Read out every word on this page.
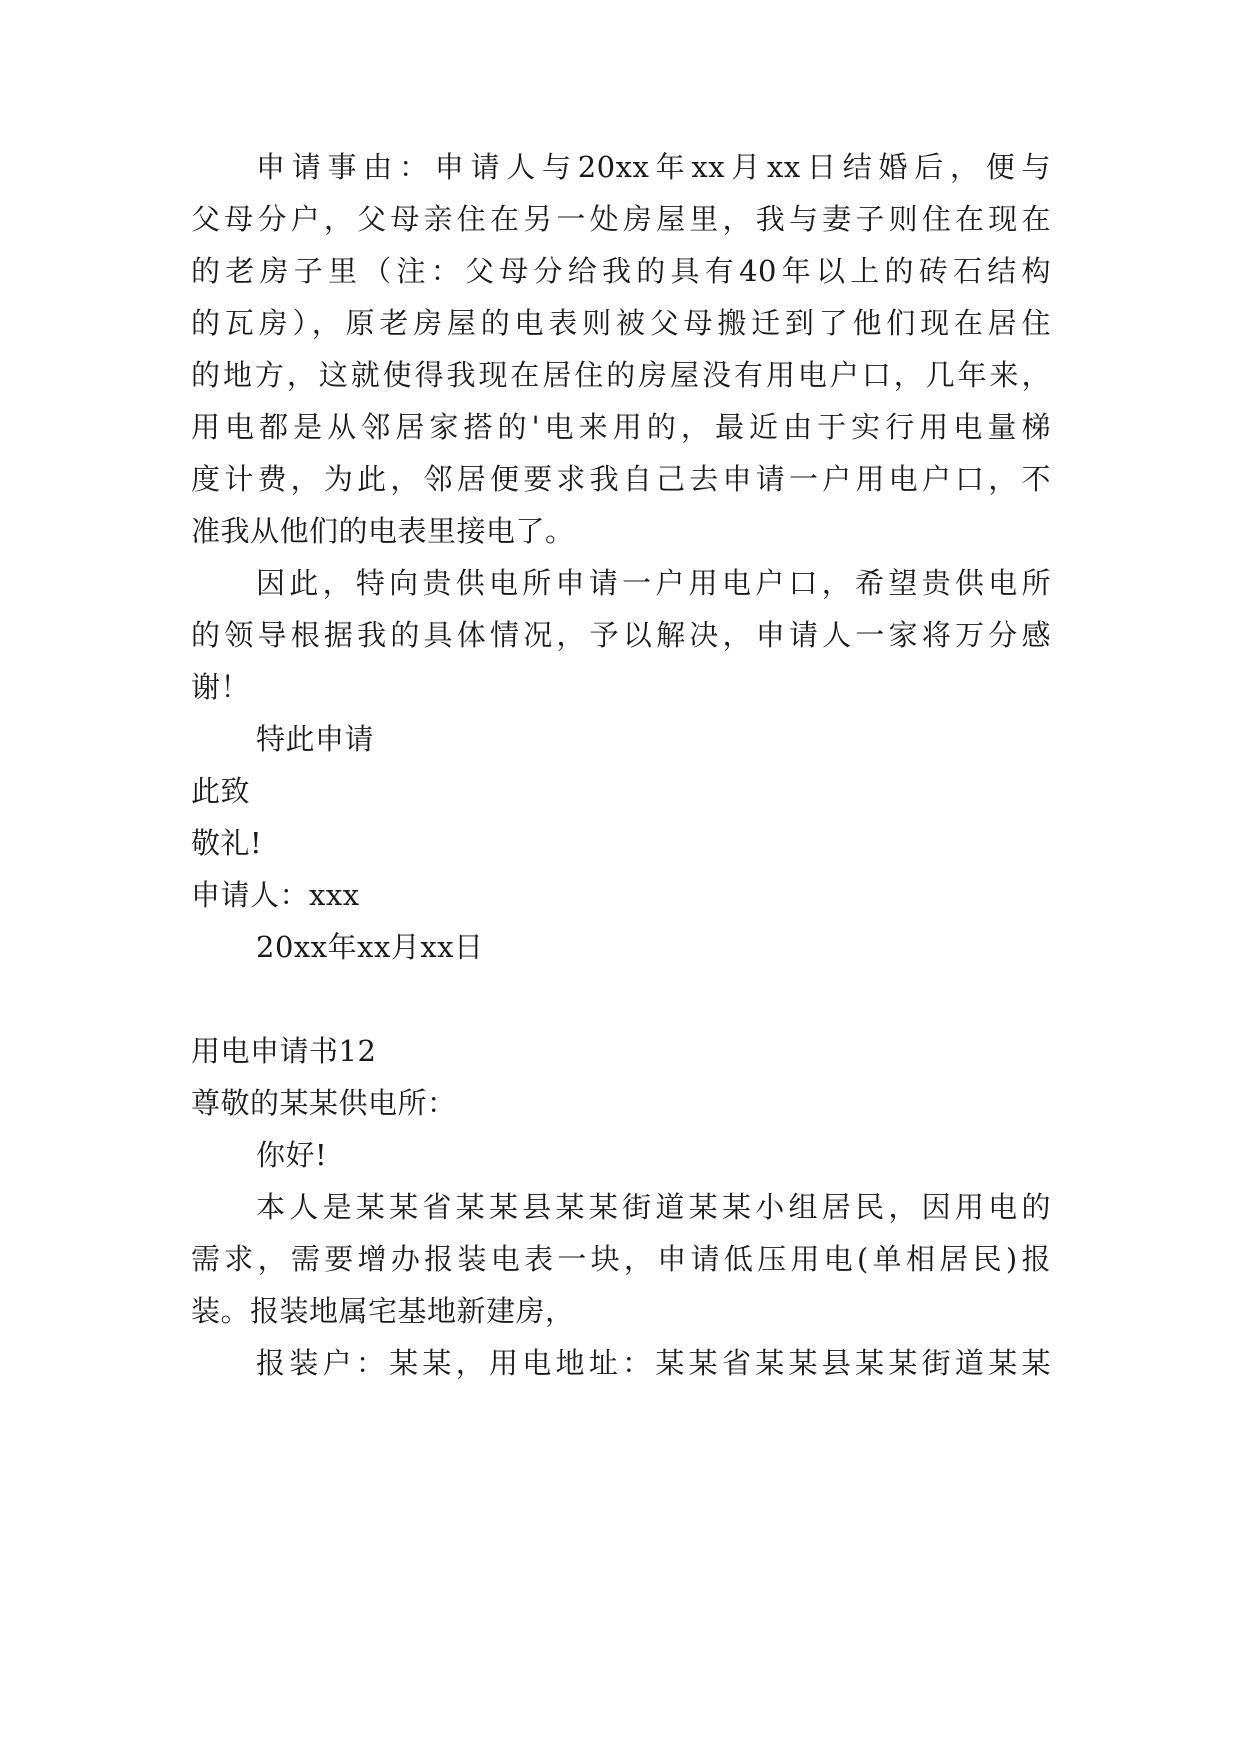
申请事由：申请人与20xx年xx月xx日结婚后，便与
父母分户，父母亲住在另一处房屋里，我与妻子则住在现在
的老房子里（注：父母分给我的具有40年以上的砖石结构
的瓦房），原老房屋的电表则被父母搬迁到了他们现在居住
的地方，这就使得我现在居住的房屋没有用电户口，几年来，
用电都是从邻居家搭的'电来用的，最近由于实行用电量梯
度计费，为此，邻居便要求我自己去申请一户用电户口，不
准我从他们的电表里接电了。
因此，特向贵供电所申请一户用电户口，希望贵供电所
的领导根据我的具体情况，予以解决，申请人一家将万分感
谢！
特此申请
此致
敬礼!
申请人：xxx
20xx年xx月xx日
用电申请书12
尊敬的某某供电所：
你好!
本人是某某省某某县某某街道某某小组居民，因用电的
需求，需要增办报装电表一块，申请低压用电(单相居民)报
装。报装地属宅基地新建房，
报装户：某某，用电地址：某某省某某县某某街道某某
